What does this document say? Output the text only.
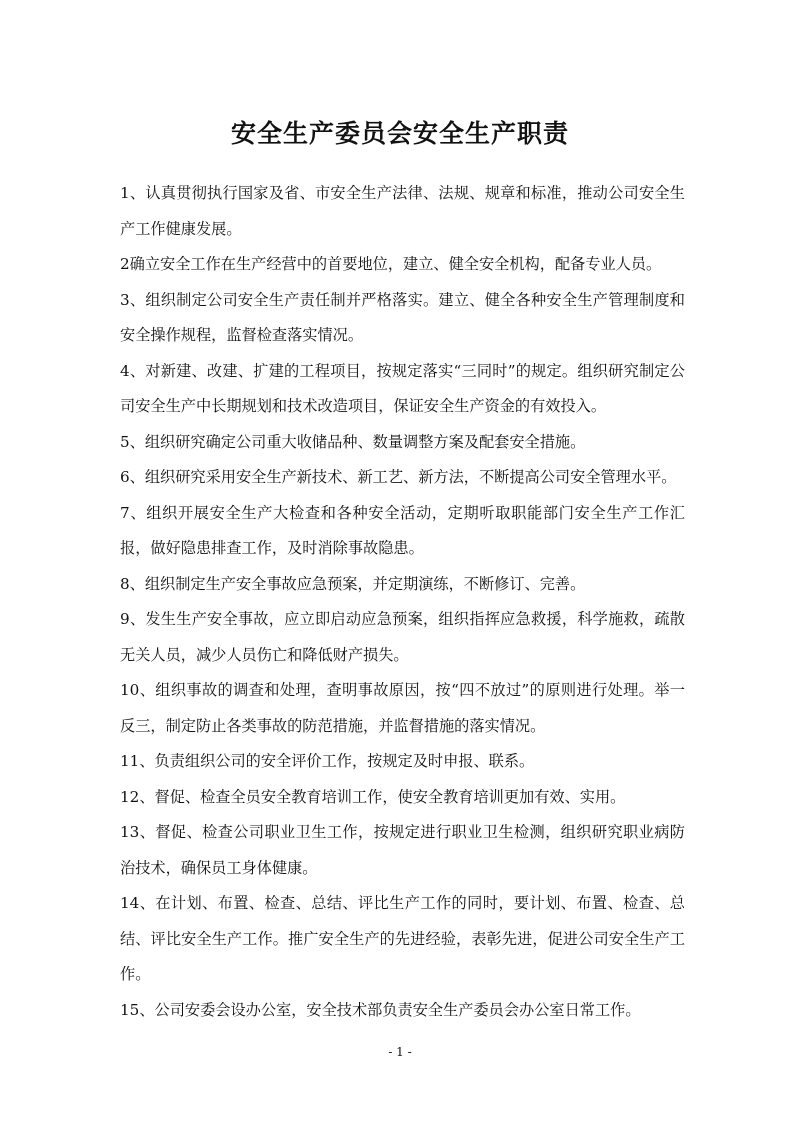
安全生产委员会安全生产职责

1、认真贯彻执行国家及省、市安全生产法律、法规、规章和标准，推动公司安全生产工作健康发展。

2确立安全工作在生产经营中的首要地位，建立、健全安全机构，配备专业人员。

3、组织制定公司安全生产责任制并严格落实。建立、健全各种安全生产管理制度和安全操作规程，监督检查落实情况。

4、对新建、改建、扩建的工程项目，按规定落实“三同时”的规定。组织研究制定公司安全生产中长期规划和技术改造项目，保证安全生产资金的有效投入。

5、组织研究确定公司重大收储品种、数量调整方案及配套安全措施。

6、组织研究采用安全生产新技术、新工艺、新方法，不断提高公司安全管理水平。

7、组织开展安全生产大检查和各种安全活动，定期听取职能部门安全生产工作汇报，做好隐患排查工作，及时消除事故隐患。

8、组织制定生产安全事故应急预案，并定期演练，不断修订、完善。

9、发生生产安全事故，应立即启动应急预案，组织指挥应急救援，科学施救，疏散无关人员，减少人员伤亡和降低财产损失。

10、组织事故的调查和处理，查明事故原因，按“四不放过”的原则进行处理。举一反三，制定防止各类事故的防范措施，并监督措施的落实情况。

11、负责组织公司的安全评价工作，按规定及时申报、联系。

12、督促、检查全员安全教育培训工作，使安全教育培训更加有效、实用。

13、督促、检查公司职业卫生工作，按规定进行职业卫生检测，组织研究职业病防治技术，确保员工身体健康。

14、在计划、布置、检查、总结、评比生产工作的同时，要计划、布置、检查、总结、评比安全生产工作。推广安全生产的先进经验，表彰先进，促进公司安全生产工作。

15、公司安委会设办公室，安全技术部负责安全生产委员会办公室日常工作。

- 1 -
